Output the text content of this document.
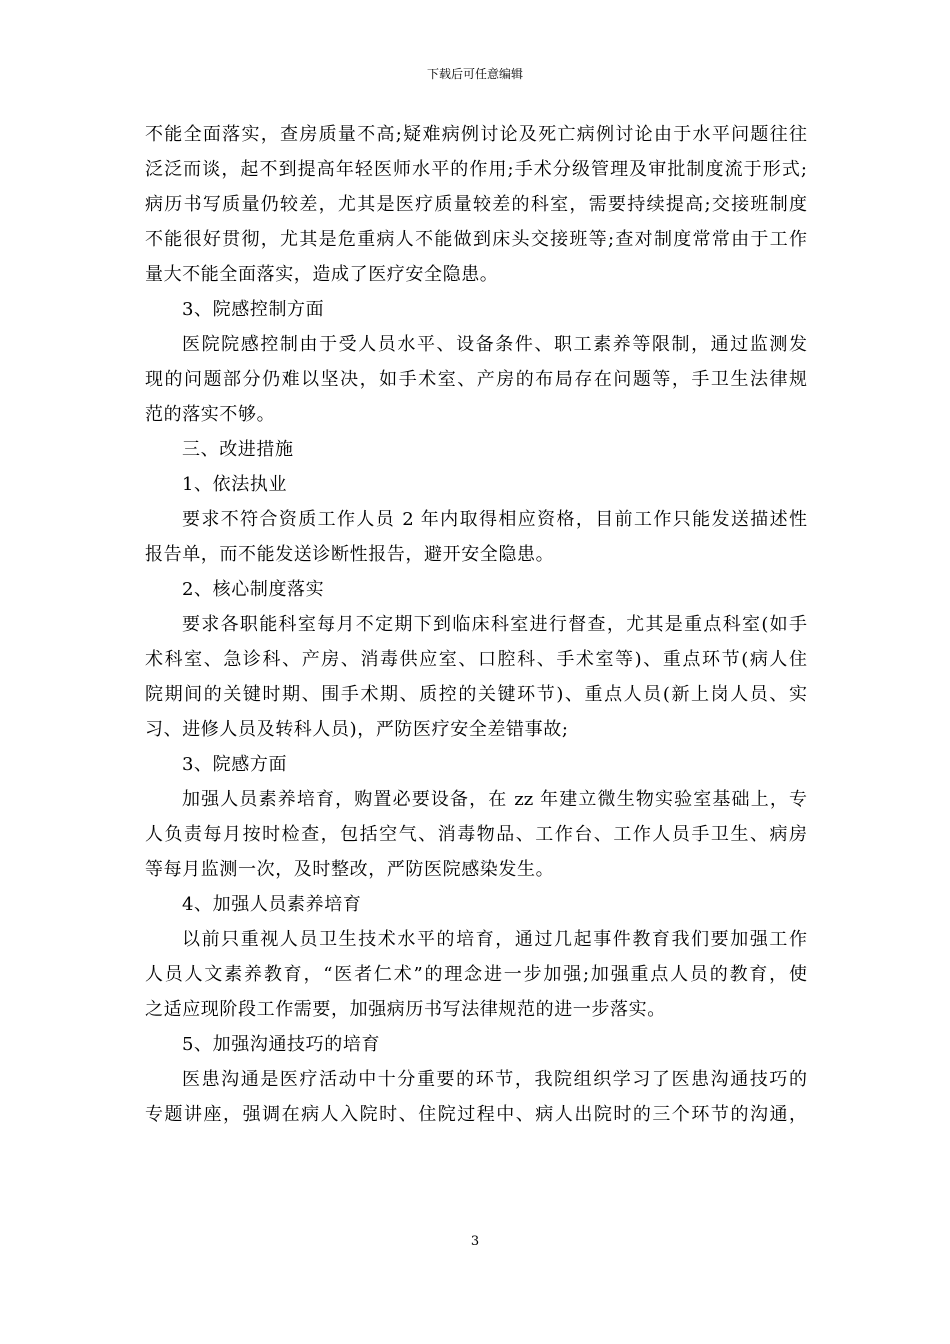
下载后可任意编辑
不能全面落实，查房质量不高;疑难病例讨论及死亡病例讨论由于水平问题往往
泛泛而谈，起不到提高年轻医师水平的作用;手术分级管理及审批制度流于形式;
病历书写质量仍较差，尤其是医疗质量较差的科室，需要持续提高;交接班制度
不能很好贯彻，尤其是危重病人不能做到床头交接班等;查对制度常常由于工作
量大不能全面落实，造成了医疗安全隐患。
3、院感控制方面
医院院感控制由于受人员水平、设备条件、职工素养等限制，通过监测发
现的问题部分仍难以坚决，如手术室、产房的布局存在问题等，手卫生法律规
范的落实不够。
三、改进措施
1、依法执业
要求不符合资质工作人员 2 年内取得相应资格，目前工作只能发送描述性
报告单，而不能发送诊断性报告，避开安全隐患。
2、核心制度落实
要求各职能科室每月不定期下到临床科室进行督查，尤其是重点科室(如手
术科室、急诊科、产房、消毒供应室、口腔科、手术室等)、重点环节(病人住
院期间的关键时期、围手术期、质控的关键环节)、重点人员(新上岗人员、实
习、进修人员及转科人员)，严防医疗安全差错事故;
3、院感方面
加强人员素养培育，购置必要设备，在 zz 年建立微生物实验室基础上，专
人负责每月按时检查，包括空气、消毒物品、工作台、工作人员手卫生、病房
等每月监测一次，及时整改，严防医院感染发生。
4、加强人员素养培育
以前只重视人员卫生技术水平的培育，通过几起事件教育我们要加强工作
人员人文素养教育，“医者仁术”的理念进一步加强;加强重点人员的教育，使
之适应现阶段工作需要，加强病历书写法律规范的进一步落实。
5、加强沟通技巧的培育
医患沟通是医疗活动中十分重要的环节，我院组织学习了医患沟通技巧的
专题讲座，强调在病人入院时、住院过程中、病人出院时的三个环节的沟通，
3
